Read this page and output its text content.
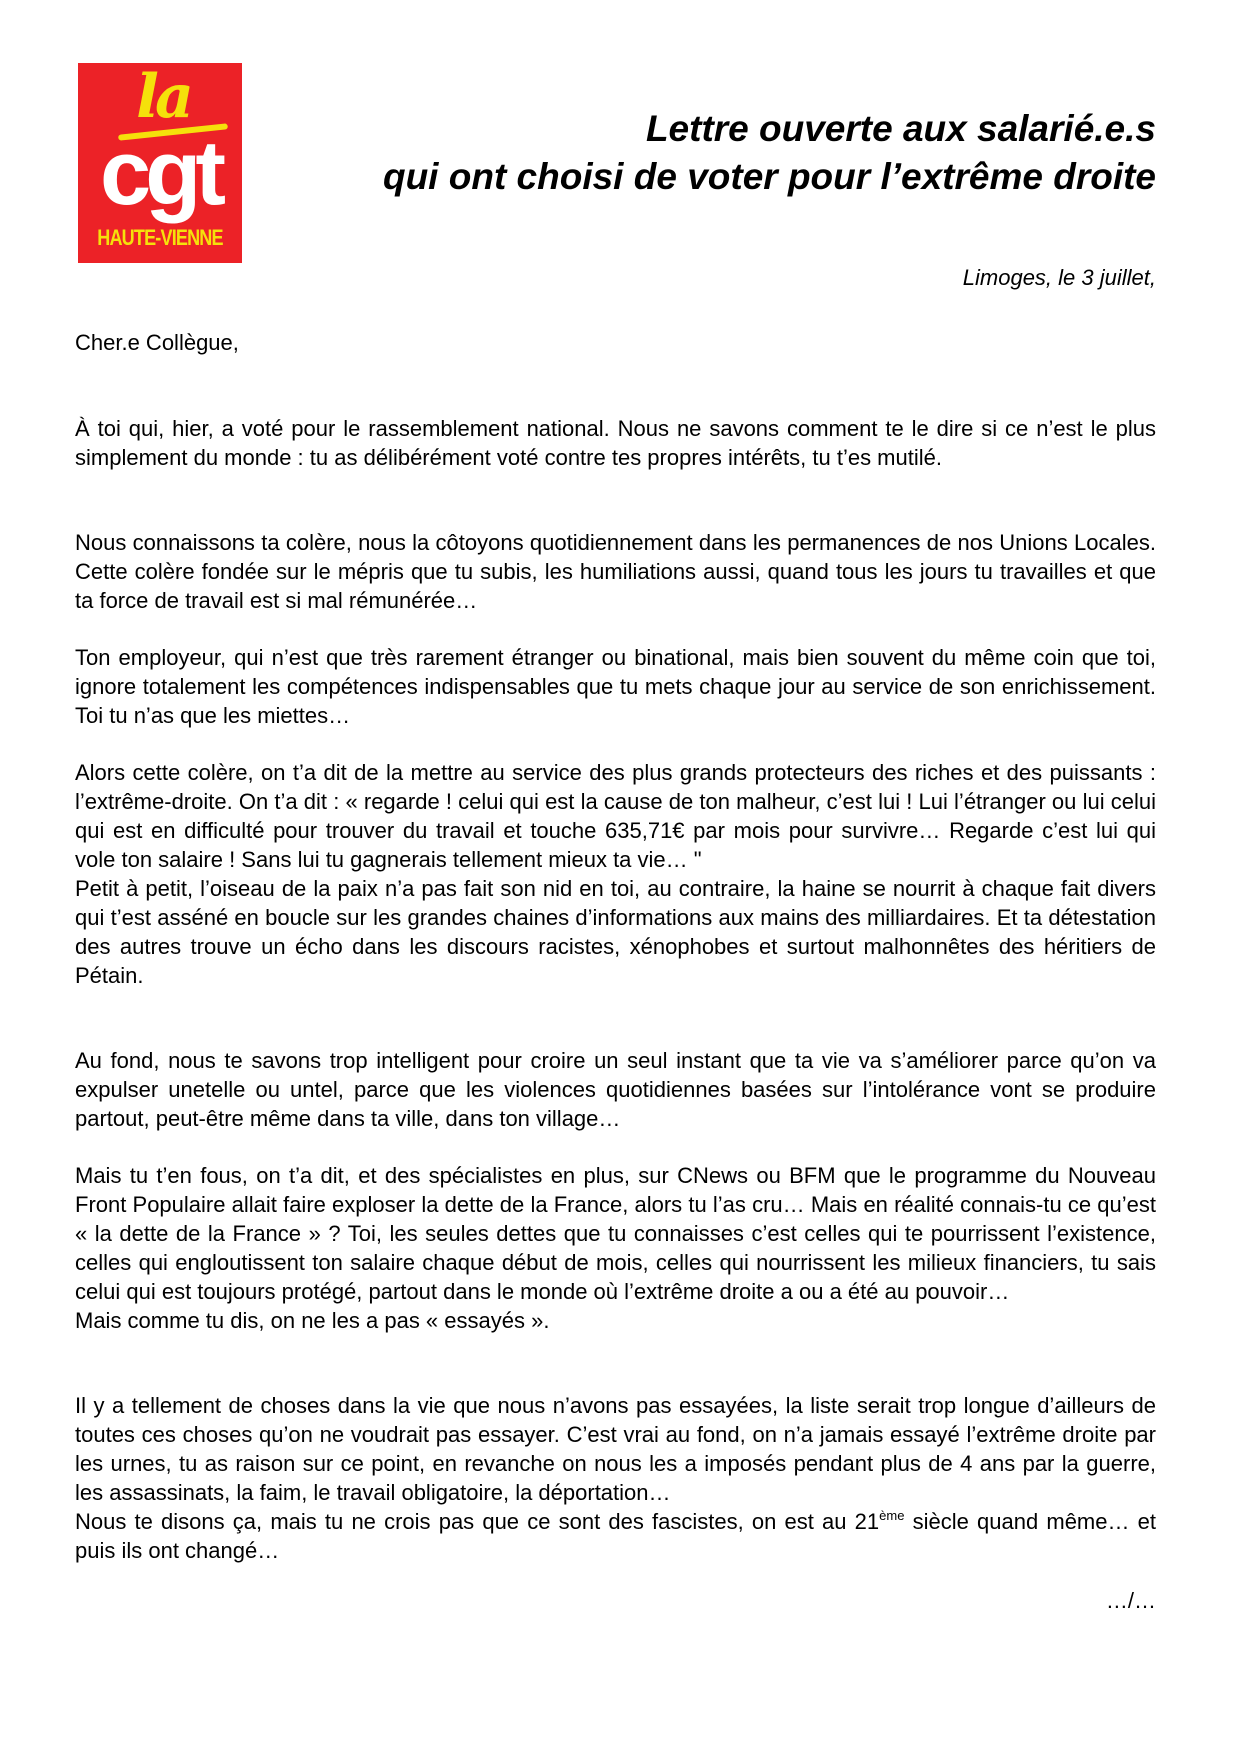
la
cgt
HAUTE-VIENNE
Lettre ouverte aux salarié.e.s
qui ont choisi de voter pour l’extrême droite
Limoges, le 3 juillet,
Cher.e Collègue,

À toi qui, hier, a voté pour le rassemblement national. Nous ne savons comment te le dire si ce n’est le plus simplement du monde : tu as délibérément voté contre tes propres intérêts, tu t’es mutilé.

Nous connaissons ta colère, nous la côtoyons quotidiennement dans les permanences de nos Unions Locales. Cette colère fondée sur le mépris que tu subis, les humiliations aussi, quand tous les jours tu travailles et que ta force de travail est si mal rémunérée…

Ton employeur, qui n’est que très rarement étranger ou binational, mais bien souvent du même coin que toi, ignore totalement les compétences indispensables que tu mets chaque jour au service de son enrichissement. Toi tu n’as que les miettes…

Alors cette colère, on t’a dit de la mettre au service des plus grands protecteurs des riches et des puissants : l’extrême-droite. On t’a dit : « regarde ! celui qui est la cause de ton malheur, c’est lui ! Lui l’étranger ou lui celui qui est en difficulté pour trouver du travail et touche 635,71€ par mois pour survivre… Regarde c’est lui qui vole ton salaire ! Sans lui tu gagnerais tellement mieux ta vie… "

Petit à petit, l’oiseau de la paix n’a pas fait son nid en toi, au contraire, la haine se nourrit à chaque fait divers qui t’est asséné en boucle sur les grandes chaines d’informations aux mains des milliardaires. Et ta détestation des autres trouve un écho dans les discours racistes, xénophobes et surtout malhonnêtes des héritiers de Pétain.

Au fond, nous te savons trop intelligent pour croire un seul instant que ta vie va s’améliorer parce qu’on va expulser unetelle ou untel, parce que les violences quotidiennes basées sur l’intolérance vont se produire partout, peut-être même dans ta ville, dans ton village…

Mais tu t’en fous, on t’a dit, et des spécialistes en plus, sur CNews ou BFM que le programme du Nouveau Front Populaire allait faire exploser la dette de la France, alors tu l’as cru… Mais en réalité connais-tu ce qu’est « la dette de la France » ? Toi, les seules dettes que tu connaisses c’est celles qui te pourrissent l’existence, celles qui engloutissent ton salaire chaque début de mois, celles qui nourrissent les milieux financiers, tu sais celui qui est toujours protégé, partout dans le monde où l’extrême droite a ou a été au pouvoir…

Mais comme tu dis, on ne les a pas « essayés ».

Il y a tellement de choses dans la vie que nous n’avons pas essayées, la liste serait trop longue d’ailleurs de toutes ces choses qu’on ne voudrait pas essayer. C’est vrai au fond, on n’a jamais essayé l’extrême droite par les urnes, tu as raison sur ce point, en revanche on nous les a imposés pendant plus de 4 ans par la guerre, les assassinats, la faim, le travail obligatoire, la déportation…

Nous te disons ça, mais tu ne crois pas que ce sont des fascistes, on est au 21ème siècle quand même… et puis ils ont changé…

…/…
